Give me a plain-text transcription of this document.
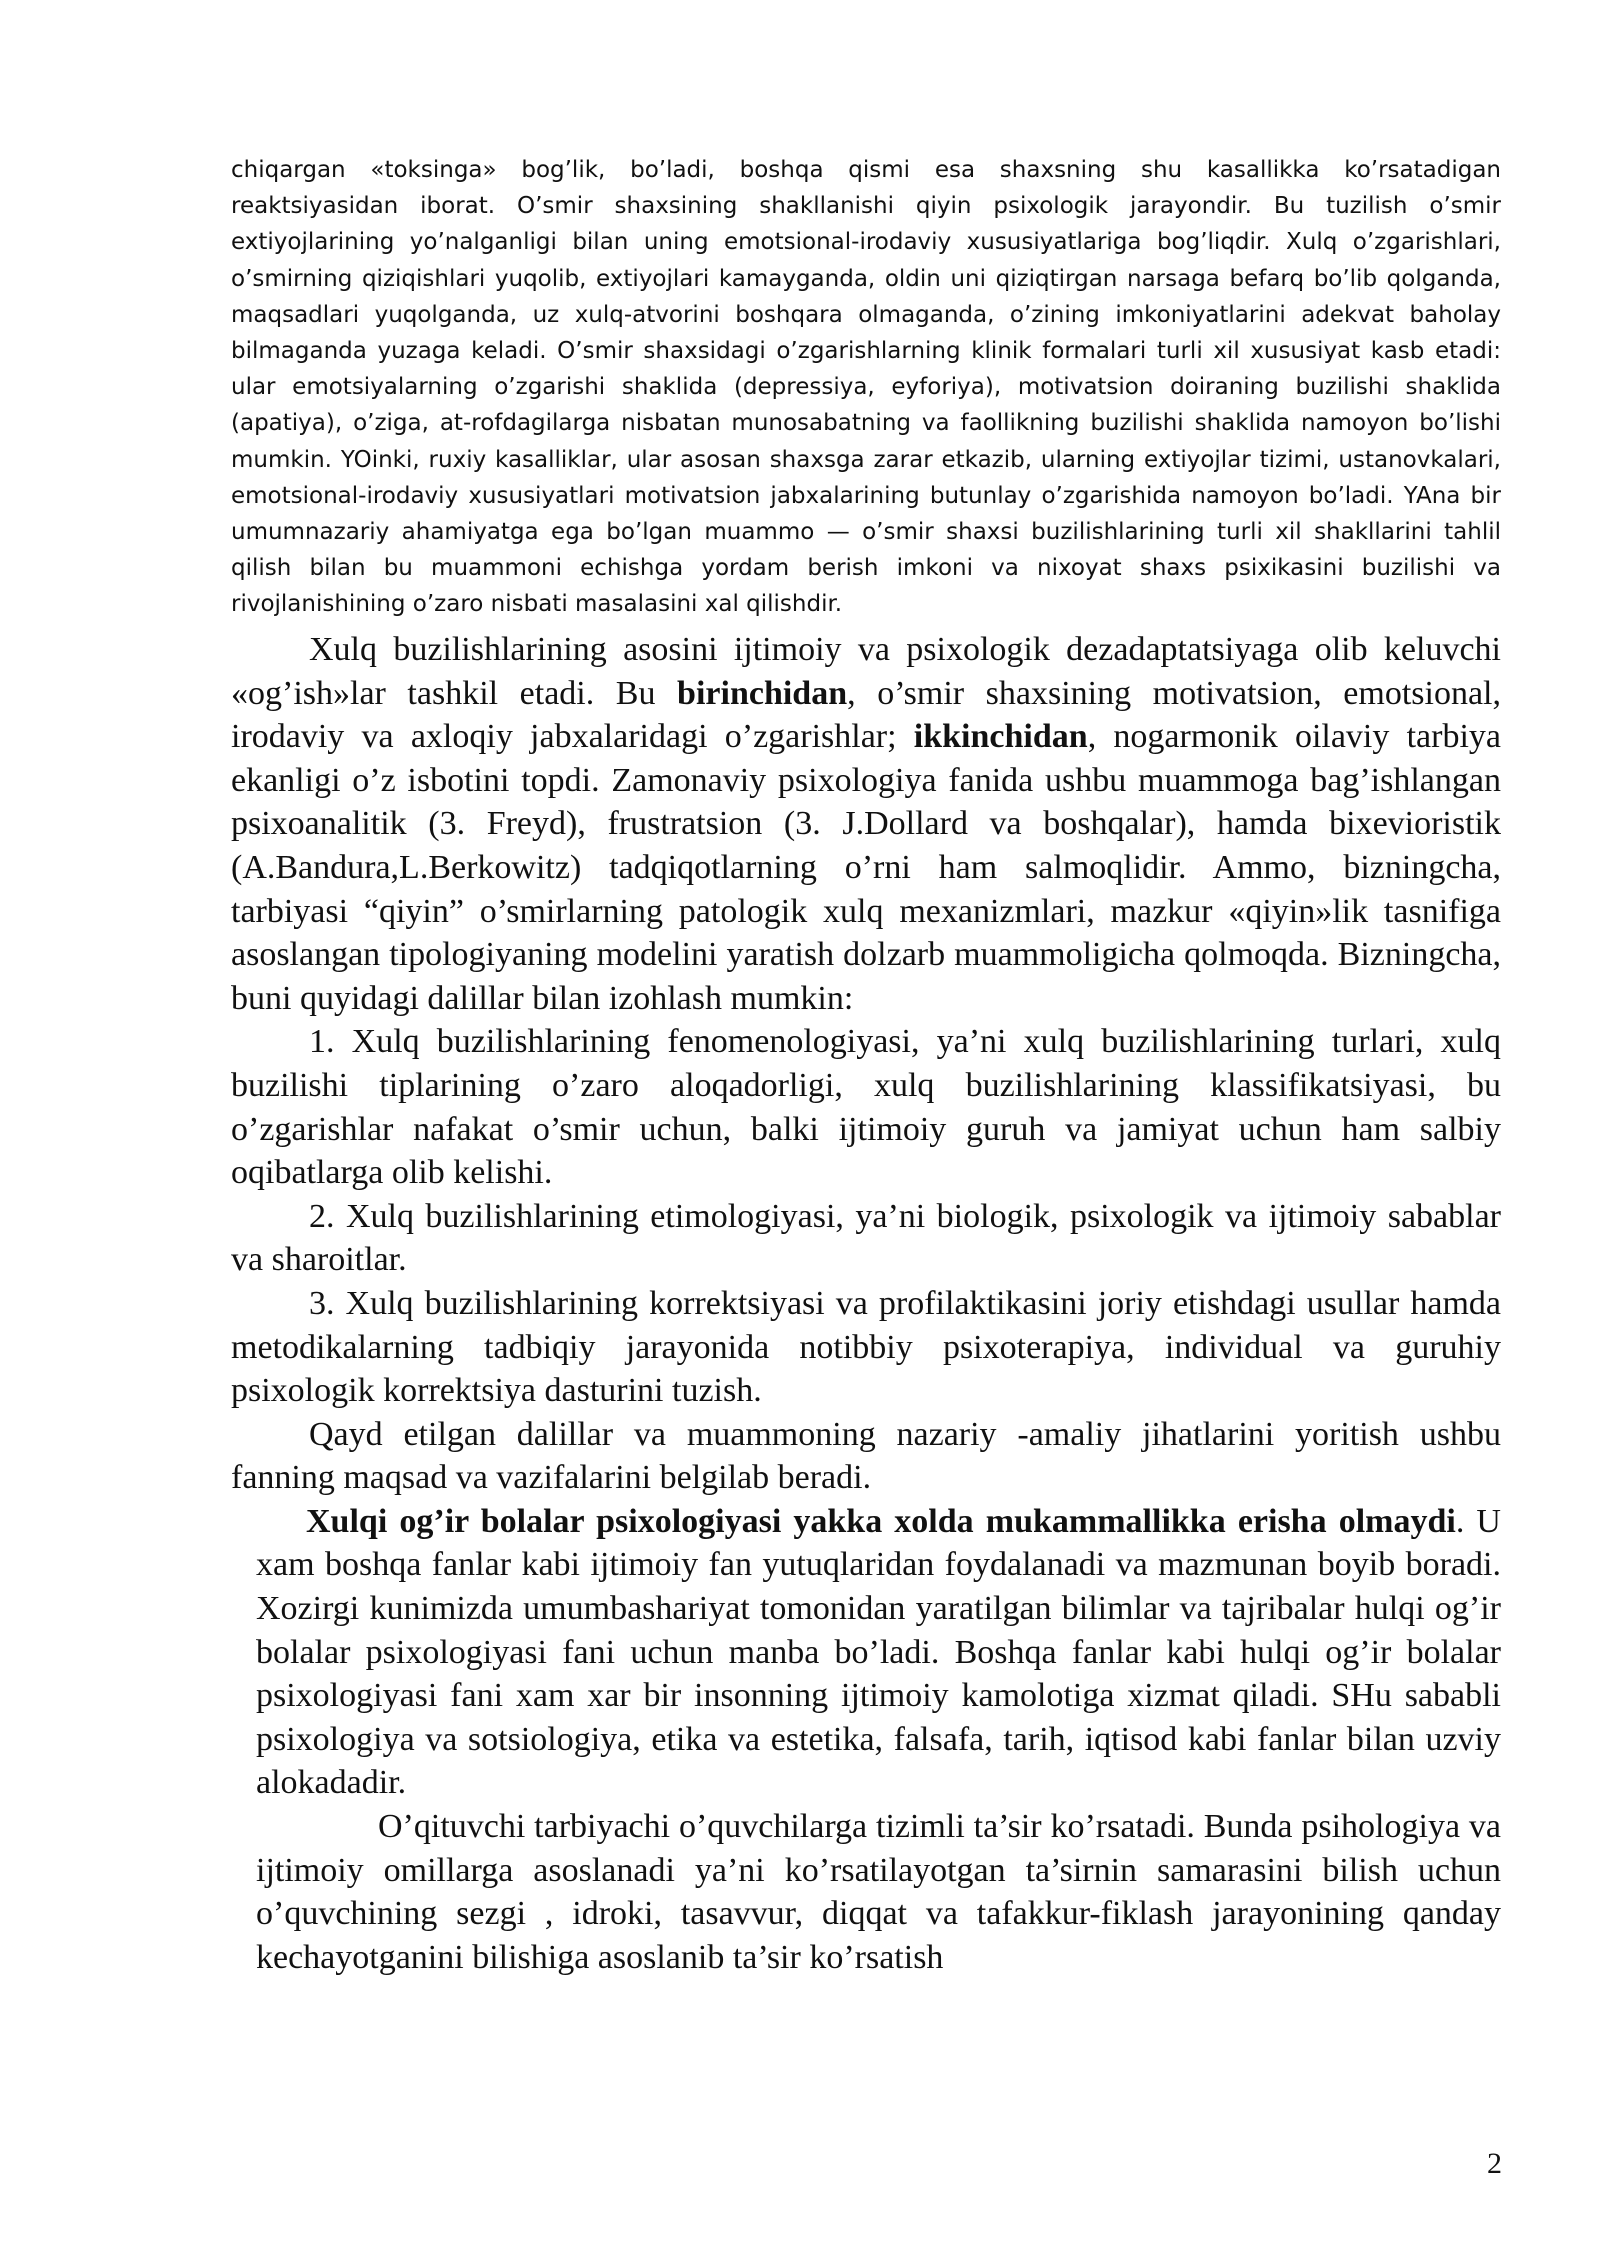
chiqargan «toksinga» bog’lik, bo’ladi, boshqa qismi esa shaxsning shu kasallikka ko’rsatadigan reaktsiyasidan iborat. O’smir shaxsining shakllanishi qiyin psixologik jarayondir. Bu tuzilish o’smir extiyojlarining yo’nalganligi bilan uning emotsional-irodaviy xususiyatlariga bog’liqdir. Xulq o’zgarishlari, o’smirning qiziqishlari yuqolib, extiyojlari kamayganda, oldin uni qiziqtirgan narsaga befarq bo’lib qolganda, maqsadlari yuqolganda, uz xulq-atvorini boshqara olmaganda, o’zining imkoniyatlarini adekvat baholay bilmaganda yuzaga keladi. O’smir shaxsidagi o’zgarishlarning klinik formalari turli xil xususiyat kasb etadi: ular emotsiyalarning o’zgarishi shaklida (depressiya, eyforiya), motivatsion doiraning buzilishi shaklida (apatiya), o’ziga, at-rofdagilarga nisbatan munosabatning va faollikning buzilishi shaklida namoyon bo’lishi mumkin. YOinki, ruxiy kasalliklar, ular asosan shaxsga zarar etkazib, ularning extiyojlar tizimi, ustanovkalari, emotsional-irodaviy xususiyatlari motivatsion jabxalarining butunlay o’zgarishida namoyon bo’ladi. YAna bir umumnazariy ahamiyatga ega bo’lgan muammo — o’smir shaxsi buzilishlarining turli xil shakllarini tahlil qilish bilan bu muammoni echishga yordam berish imkoni va nixoyat shaxs psixikasini buzilishi va rivojlanishining o’zaro nisbati masalasini xal qilishdir.

Xulq buzilishlarining asosini ijtimoiy va psixologik dezadaptatsiyaga olib keluvchi «og’ish»lar tashkil etadi. Bu birinchidan, o’smir shaxsining motivatsion, emotsional, irodaviy va axloqiy jabxalaridagi o’zgarishlar; ikkinchidan, nogarmonik oilaviy tarbiya ekanligi o’z isbotini topdi. Zamonaviy psixologiya fanida ushbu muammoga bag’ishlangan psixoanalitik (3. Freyd), frustratsion (3. J.Dollard va boshqalar), hamda bixevioristik (A.Bandura,L.Berkowitz) tadqiqotlarning o’rni ham salmoqlidir. Ammo, bizningcha, tarbiyasi “qiyin” o’smirlarning patologik xulq mexanizmlari, mazkur «qiyin»lik tasnifiga asoslangan tipologiyaning modelini yaratish dolzarb muammoligicha qolmoqda. Bizningcha, buni quyidagi dalillar bilan izohlash mumkin:

1. Xulq buzilishlarining fenomenologiyasi, ya’ni xulq buzilishlarining turlari, xulq buzilishi tiplarining o’zaro aloqadorligi, xulq buzilishlarining klassifikatsiyasi, bu o’zgarishlar nafakat o’smir uchun, balki ijtimoiy guruh va jamiyat uchun ham salbiy oqibatlarga olib kelishi.

2. Xulq buzilishlarining etimologiyasi, ya’ni biologik, psixologik va ijtimoiy sabablar va sharoitlar.

3. Xulq buzilishlarining korrektsiyasi va profilaktikasini joriy etishdagi usullar hamda metodikalarning tadbiqiy jarayonida notibbiy psixoterapiya, individual va guruhiy psixologik korrektsiya dasturini tuzish.

Qayd etilgan dalillar va muammoning nazariy -amaliy jihatlarini yoritish ushbu fanning maqsad va vazifalarini belgilab beradi.

Xulqi og’ir bolalar psixologiyasi yakka xolda mukammallikka erisha olmaydi. U xam boshqa fanlar kabi ijtimoiy fan yutuqlaridan foydalanadi va mazmunan boyib boradi. Xozirgi kunimizda umumbashariyat tomonidan yaratilgan bilimlar va tajribalar hulqi og’ir bolalar psixologiyasi fani uchun manba bo’ladi. Boshqa fanlar kabi hulqi og’ir bolalar psixologiyasi fani xam xar bir insonning ijtimoiy kamolotiga xizmat qiladi. SHu sababli psixologiya va sotsiologiya, etika va estetika, falsafa, tarih, iqtisod kabi fanlar bilan uzviy alokadadir.

O’qituvchi tarbiyachi o’quvchilarga tizimli ta’sir ko’rsatadi. Bunda psihologiya va ijtimoiy omillarga asoslanadi ya’ni ko’rsatilayotgan ta’sirnin samarasini bilish uchun o’quvchining sezgi , idroki, tasavvur, diqqat va tafakkur-fiklash jarayonining qanday kechayotganini bilishiga asoslanib ta’sir ko’rsatish

2
